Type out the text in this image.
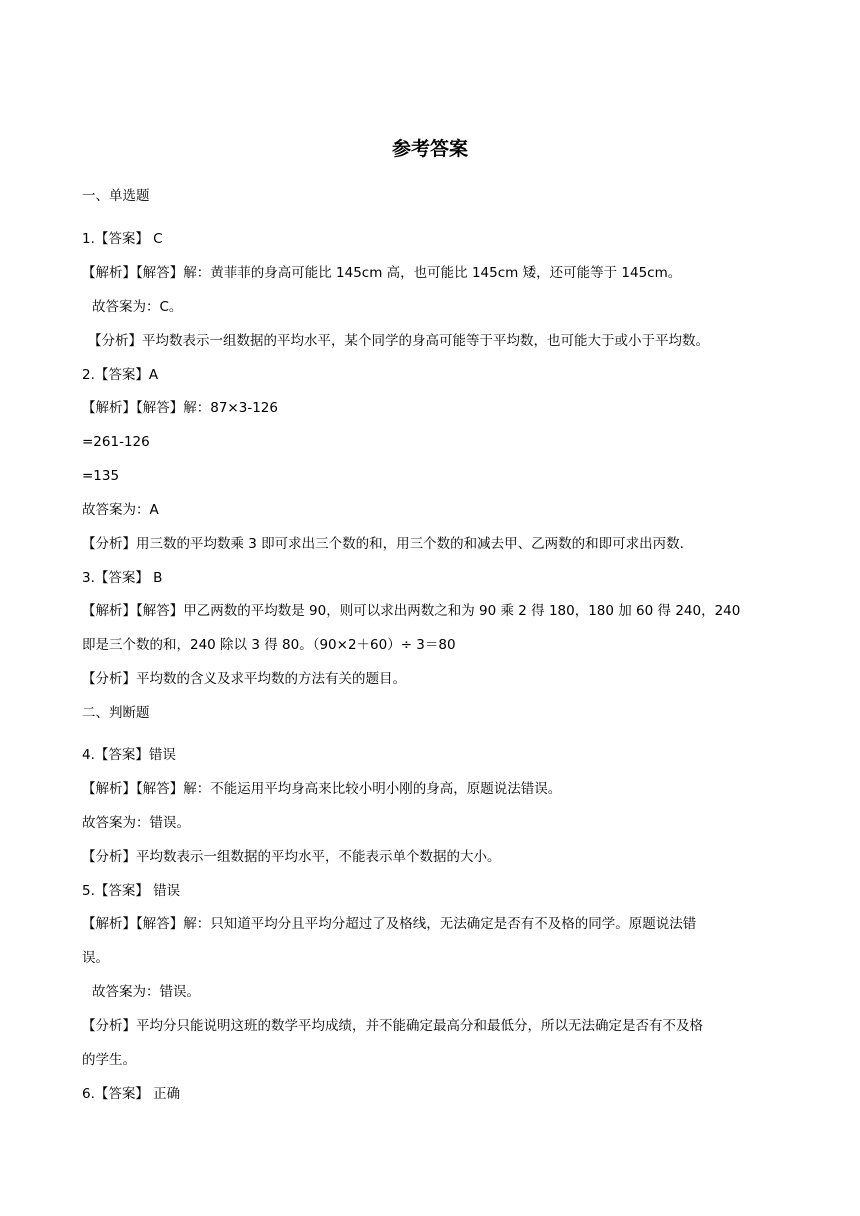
参考答案
一、单选题
1.【答案】 C
【解析】【解答】解：黄菲菲的身高可能比 145cm 高，也可能比 145cm 矮，还可能等于 145cm。
故答案为：C。
【分析】平均数表示一组数据的平均水平，某个同学的身高可能等于平均数，也可能大于或小于平均数。
2.【答案】A
【解析】【解答】解：87×3-126
=261-126
=135
故答案为：A
【分析】用三数的平均数乘 3 即可求出三个数的和，用三个数的和减去甲、乙两数的和即可求出丙数.
3.【答案】 B
【解析】【解答】甲乙两数的平均数是 90，则可以求出两数之和为 90 乘 2 得 180，180 加 60 得 240，240
即是三个数的和，240 除以 3 得 80。（90×2＋60）÷ 3＝80
【分析】平均数的含义及求平均数的方法有关的题目。
二、判断题
4.【答案】错误
【解析】【解答】解：不能运用平均身高来比较小明小刚的身高，原题说法错误。
故答案为：错误。
【分析】平均数表示一组数据的平均水平，不能表示单个数据的大小。
5.【答案】 错误
【解析】【解答】解：只知道平均分且平均分超过了及格线，无法确定是否有不及格的同学。原题说法错
误。
故答案为：错误。
【分析】平均分只能说明这班的数学平均成绩，并不能确定最高分和最低分，所以无法确定是否有不及格
的学生。
6.【答案】 正确
